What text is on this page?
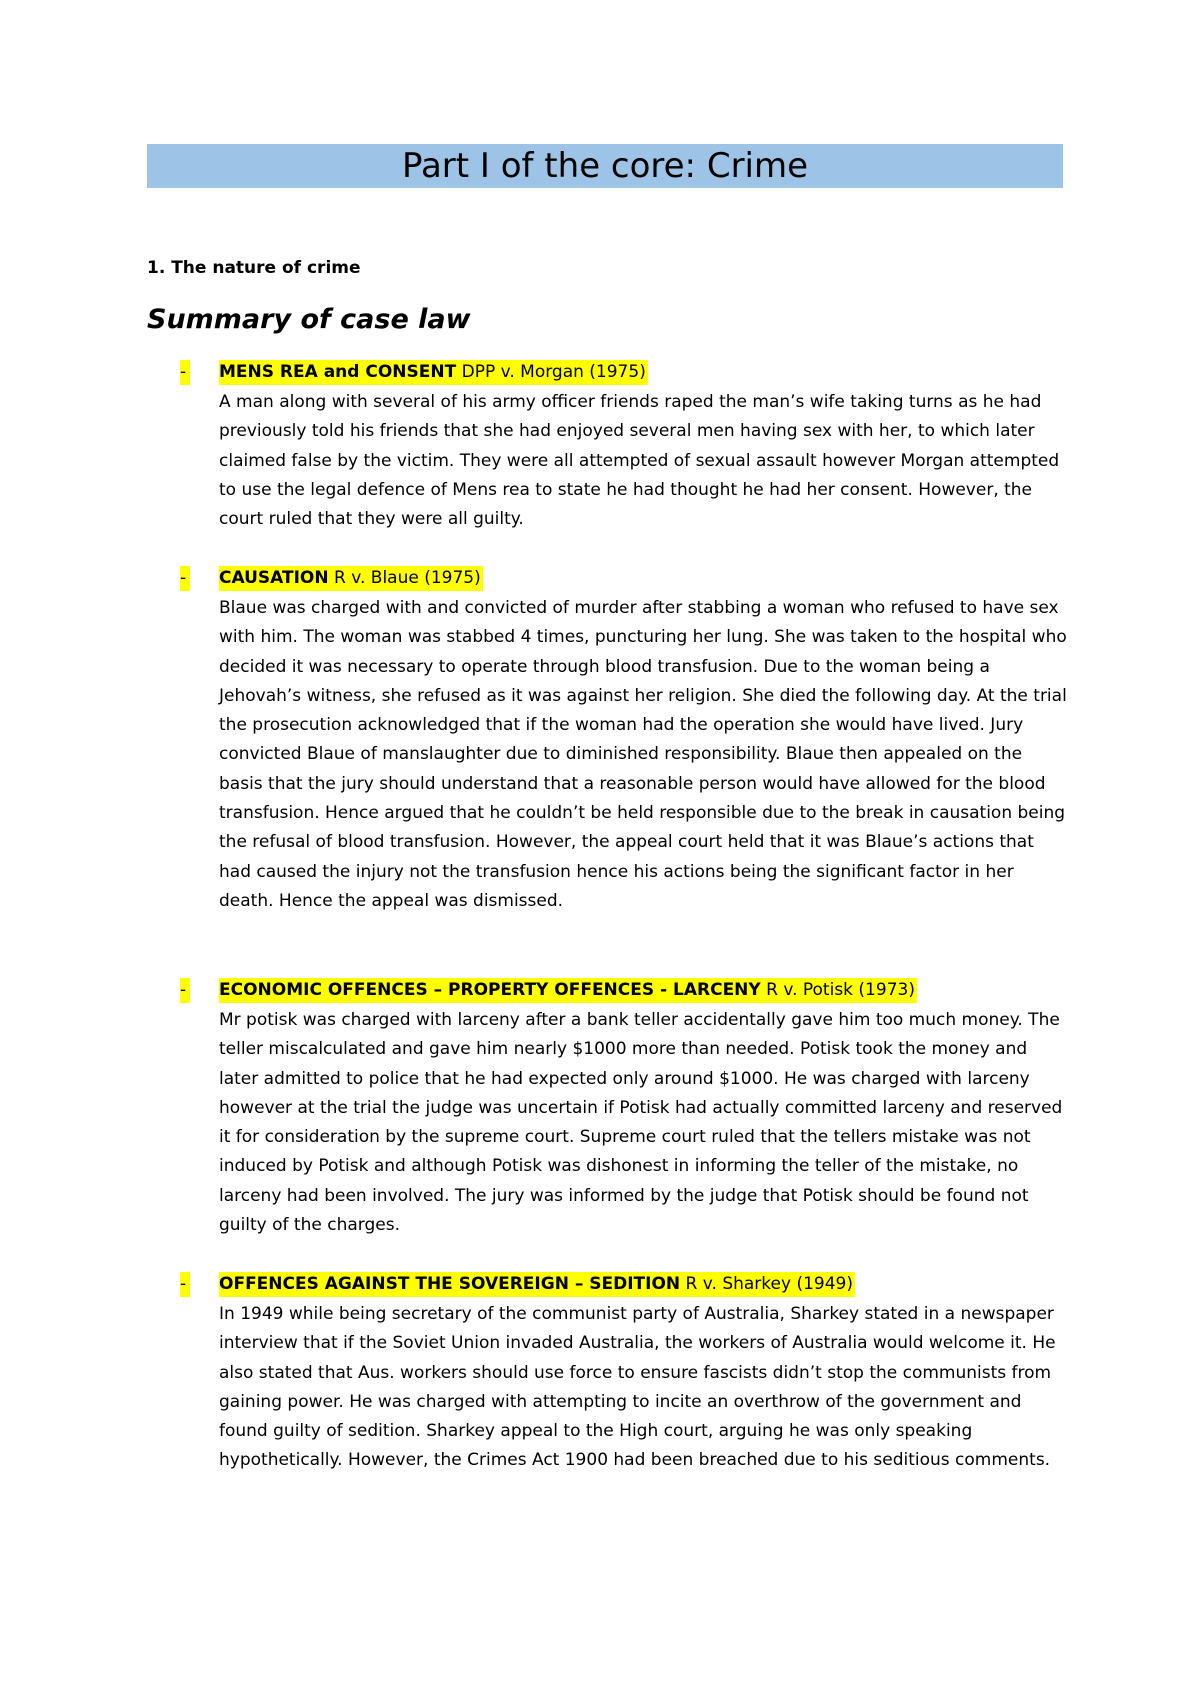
Part I of the core: Crime
1. The nature of crime
Summary of case law
- MENS REA and CONSENT DPP v. Morgan (1975)
A man along with several of his army officer friends raped the man’s wife taking turns as he had previously told his friends that she had enjoyed several men having sex with her, to which later claimed false by the victim. They were all attempted of sexual assault however Morgan attempted to use the legal defence of Mens rea to state he had thought he had her consent. However, the court ruled that they were all guilty.
- CAUSATION R v. Blaue (1975)
Blaue was charged with and convicted of murder after stabbing a woman who refused to have sex with him. The woman was stabbed 4 times, puncturing her lung. She was taken to the hospital who decided it was necessary to operate through blood transfusion. Due to the woman being a Jehovah’s witness, she refused as it was against her religion. She died the following day. At the trial the prosecution acknowledged that if the woman had the operation she would have lived. Jury convicted Blaue of manslaughter due to diminished responsibility. Blaue then appealed on the basis that the jury should understand that a reasonable person would have allowed for the blood transfusion. Hence argued that he couldn’t be held responsible due to the break in causation being the refusal of blood transfusion. However, the appeal court held that it was Blaue’s actions that had caused the injury not the transfusion hence his actions being the significant factor in her death. Hence the appeal was dismissed.
- ECONOMIC OFFENCES – PROPERTY OFFENCES - LARCENY R v. Potisk (1973)
Mr potisk was charged with larceny after a bank teller accidentally gave him too much money. The teller miscalculated and gave him nearly $1000 more than needed. Potisk took the money and later admitted to police that he had expected only around $1000. He was charged with larceny however at the trial the judge was uncertain if Potisk had actually committed larceny and reserved it for consideration by the supreme court. Supreme court ruled that the tellers mistake was not induced by Potisk and although Potisk was dishonest in informing the teller of the mistake, no larceny had been involved. The jury was informed by the judge that Potisk should be found not guilty of the charges.
- OFFENCES AGAINST THE SOVEREIGN – SEDITION R v. Sharkey (1949)
In 1949 while being secretary of the communist party of Australia, Sharkey stated in a newspaper interview that if the Soviet Union invaded Australia, the workers of Australia would welcome it. He also stated that Aus. workers should use force to ensure fascists didn’t stop the communists from gaining power. He was charged with attempting to incite an overthrow of the government and found guilty of sedition. Sharkey appeal to the High court, arguing he was only speaking hypothetically. However, the Crimes Act 1900 had been breached due to his seditious comments.
